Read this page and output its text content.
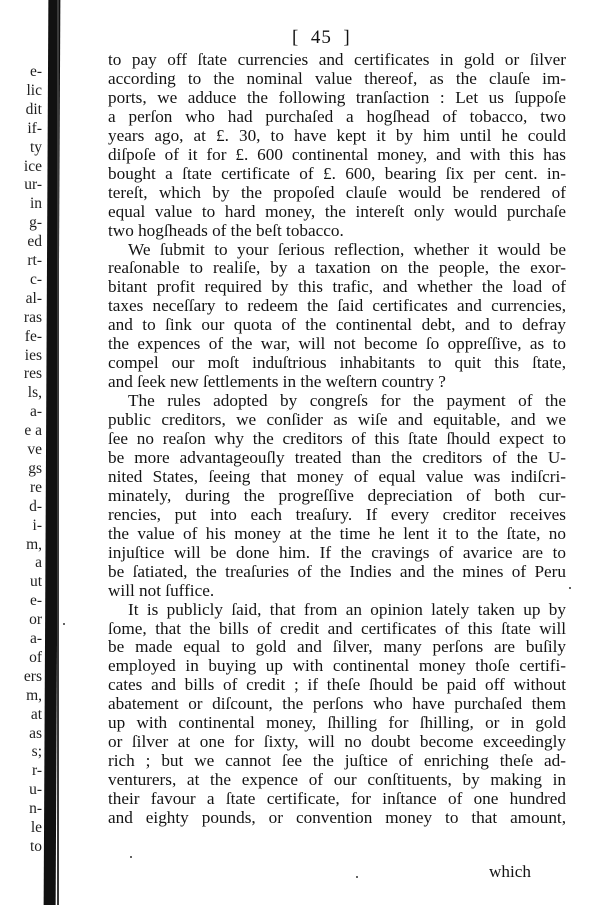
e-
lic
dit
if-
ty
ice
ur-
in
g-
ed
rt-
c-
al-
ras
fe-
ies
res
ls,
a-
e a
ve
gs
re
d-
i-
m,
a
ut
e-
or
a-
of
ers
m,
at
as
s;
r-
u-
n-
le
to
[  45  ]
to pay off ſtate currencies and certificates in gold or ſilver
according to the nominal value thereof, as the clauſe im-
ports, we adduce the following tranſaction : Let us ſuppoſe
a perſon who had purchaſed a hogſhead of tobacco, two
years ago, at £. 30, to have kept it by him until he could
diſpoſe of it for £. 600 continental money, and with this has
bought a ſtate certificate of £. 600, bearing ſix per cent. in-
tereſt, which by the propoſed clauſe would be rendered of
equal value to hard money, the intereſt only would purchaſe
two hogſheads of the beſt tobacco.
We ſubmit to your ſerious reflection, whether it would be
reaſonable to realiſe, by a taxation on the people, the exor-
bitant profit required by this trafic, and whether the load of
taxes neceſſary to redeem the ſaid certificates and currencies,
and to ſink our quota of the continental debt, and to defray
the expences of the war, will not become ſo oppreſſive, as to
compel our moſt induſtrious inhabitants to quit this ſtate,
and ſeek new ſettlements in the weſtern country ?
The rules adopted by congreſs for the payment of the
public creditors, we conſider as wiſe and equitable, and we
ſee no reaſon why the creditors of this ſtate ſhould expect to
be more advantageouſly treated than the creditors of the U-
nited States, ſeeing that money of equal value was indiſcri-
minately, during the progreſſive depreciation of both cur-
rencies, put into each treaſury. If every creditor receives
the value of his money at the time he lent it to the ſtate, no
injuſtice will be done him. If the cravings of avarice are to
be ſatiated, the treaſuries of the Indies and the mines of Peru
will not ſuffice.
It is publicly ſaid, that from an opinion lately taken up by
ſome, that the bills of credit and certificates of this ſtate will
be made equal to gold and ſilver, many perſons are buſily
employed in buying up with continental money thoſe certifi-
cates and bills of credit ; if theſe ſhould be paid off without
abatement or diſcount, the perſons who have purchaſed them
up with continental money, ſhilling for ſhilling, or in gold
or ſilver at one for ſixty, will no doubt become exceedingly
rich ; but we cannot ſee the juſtice of enriching theſe ad-
venturers, at the expence of our conſtituents, by making in
their favour a ſtate certificate, for inſtance of one hundred
and eighty pounds, or convention money to that amount,
which
